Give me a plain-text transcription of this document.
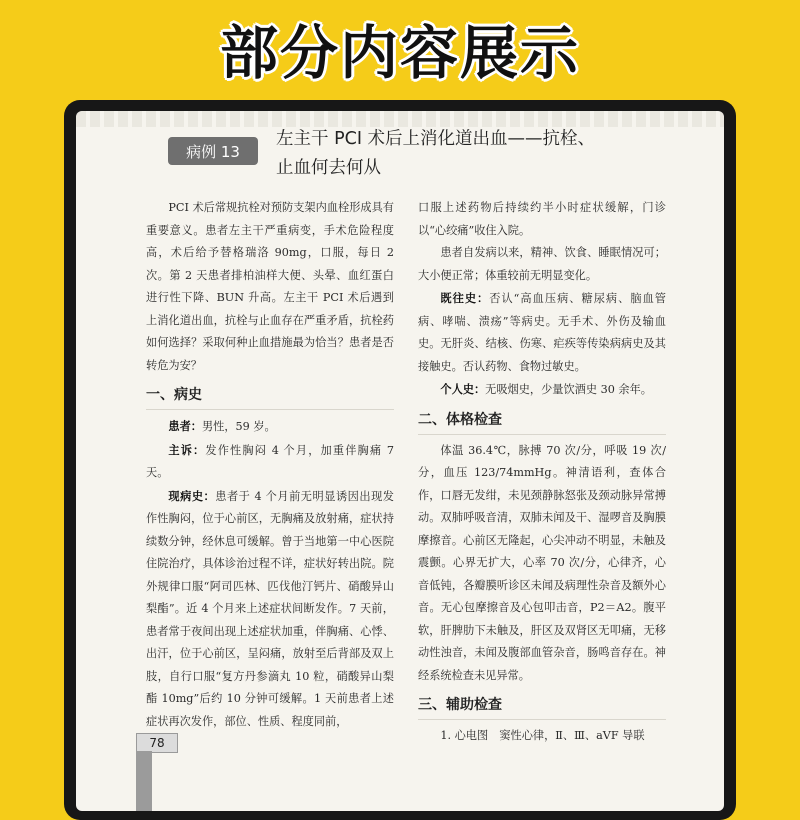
部分内容展示
病例 13
左主干 PCI 术后上消化道出血——抗栓、
止血何去何从

PCI 术后常规抗栓对预防支架内血栓形成具有重要意义。患者左主干严重病变，手术危险程度高，术后给予替格瑞洛 90mg，口服，每日 2 次。第 2 天患者排柏油样大便、头晕、血红蛋白进行性下降、BUN 升高。左主干 PCI 术后遇到上消化道出血，抗栓与止血存在严重矛盾，抗栓药如何选择？采取何种止血措施最为恰当？患者是否转危为安？

一、病史

患者：男性，59 岁。

主诉：发作性胸闷 4 个月，加重伴胸痛 7 天。

现病史：患者于 4 个月前无明显诱因出现发作性胸闷，位于心前区，无胸痛及放射痛，症状持续数分钟，经休息可缓解。曾于当地第一中心医院住院治疗，具体诊治过程不详，症状好转出院。院外规律口服“阿司匹林、匹伐他汀钙片、硝酸异山梨酯”。近 4 个月来上述症状间断发作。7 天前，患者常于夜间出现上述症状加重，伴胸痛、心悸、出汗，位于心前区，呈闷痛，放射至后背部及双上肢，自行口服“复方丹参滴丸 10 粒，硝酸异山梨酯 10mg”后约 10 分钟可缓解。1 天前患者上述症状再次发作，部位、性质、程度同前，

口服上述药物后持续约半小时症状缓解，门诊以“心绞痛”收住入院。

患者自发病以来，精神、饮食、睡眠情况可；大小便正常；体重较前无明显变化。

既往史：否认“高血压病、糖尿病、脑血管病、哮喘、溃疡”等病史。无手术、外伤及输血史。无肝炎、结核、伤寒、疟疾等传染病病史及其接触史。否认药物、食物过敏史。

个人史：无吸烟史，少量饮酒史 30 余年。

二、体格检查

体温 36.4℃，脉搏 70 次/分，呼吸 19 次/分，血压 123/74mmHg。神清语利，查体合作，口唇无发绀，未见颈静脉怒张及颈动脉异常搏动。双肺呼吸音清，双肺未闻及干、湿啰音及胸膜摩擦音。心前区无隆起，心尖冲动不明显，未触及震颤。心界无扩大，心率 70 次/分，心律齐，心音低钝，各瓣膜听诊区未闻及病理性杂音及额外心音。无心包摩擦音及心包叩击音，P2＝A2。腹平软，肝脾肋下未触及，肝区及双肾区无叩痛，无移动性浊音，未闻及腹部血管杂音，肠鸣音存在。神经系统检查未见异常。

三、辅助检查

1. 心电图　窦性心律，Ⅱ、Ⅲ、aVF 导联

78
